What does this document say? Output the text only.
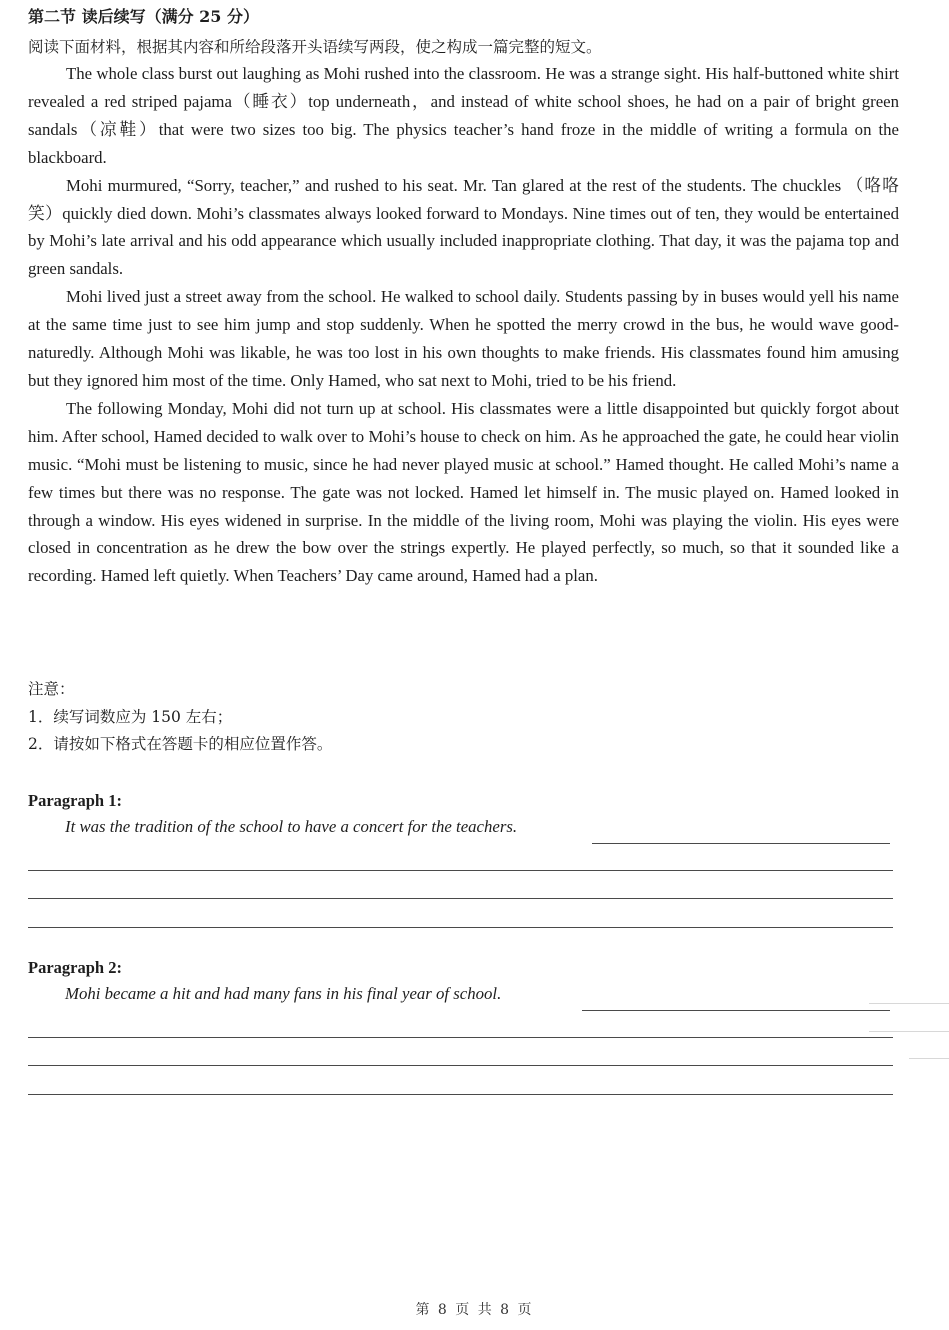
第二节 读后续写（满分 25 分）
阅读下面材料，根据其内容和所给段落开头语续写两段，使之构成一篇完整的短文。

The whole class burst out laughing as Mohi rushed into the classroom. He was a strange sight. His half-buttoned white shirt revealed a red striped pajama（睡衣）top underneath，and instead of white school shoes, he had on a pair of bright green sandals（凉鞋）that were two sizes too big. The physics teacher’s hand froze in the middle of writing a formula on the blackboard.

Mohi murmured, “Sorry, teacher,” and rushed to his seat. Mr. Tan glared at the rest of the students. The chuckles （咯咯笑）quickly died down. Mohi’s classmates always looked forward to Mondays. Nine times out of ten, they would be entertained by Mohi’s late arrival and his odd appearance which usually included inappropriate clothing. That day, it was the pajama top and green sandals.

Mohi lived just a street away from the school. He walked to school daily. Students passing by in buses would yell his name at the same time just to see him jump and stop suddenly. When he spotted the merry crowd in the bus, he would wave good-naturedly. Although Mohi was likable, he was too lost in his own thoughts to make friends. His classmates found him amusing but they ignored him most of the time. Only Hamed, who sat next to Mohi, tried to be his friend.

The following Monday, Mohi did not turn up at school. His classmates were a little disappointed but quickly forgot about him. After school, Hamed decided to walk over to Mohi’s house to check on him. As he approached the gate, he could hear violin music. “Mohi must be listening to music, since he had never played music at school.” Hamed thought. He called Mohi’s name a few times but there was no response. The gate was not locked. Hamed let himself in. The music played on. Hamed looked in through a window. His eyes widened in surprise. In the middle of the living room, Mohi was playing the violin. His eyes were closed in concentration as he drew the bow over the strings expertly. He played perfectly, so much, so that it sounded like a recording. Hamed left quietly. When Teachers’ Day came around, Hamed had a plan.

注意：
1．续写词数应为 150 左右；
2．请按如下格式在答题卡的相应位置作答。
Paragraph 1:
It was the tradition of the school to have a concert for the teachers.
Paragraph 2:
Mohi became a hit and had many fans in his final year of school.
第 8 页 共 8 页
